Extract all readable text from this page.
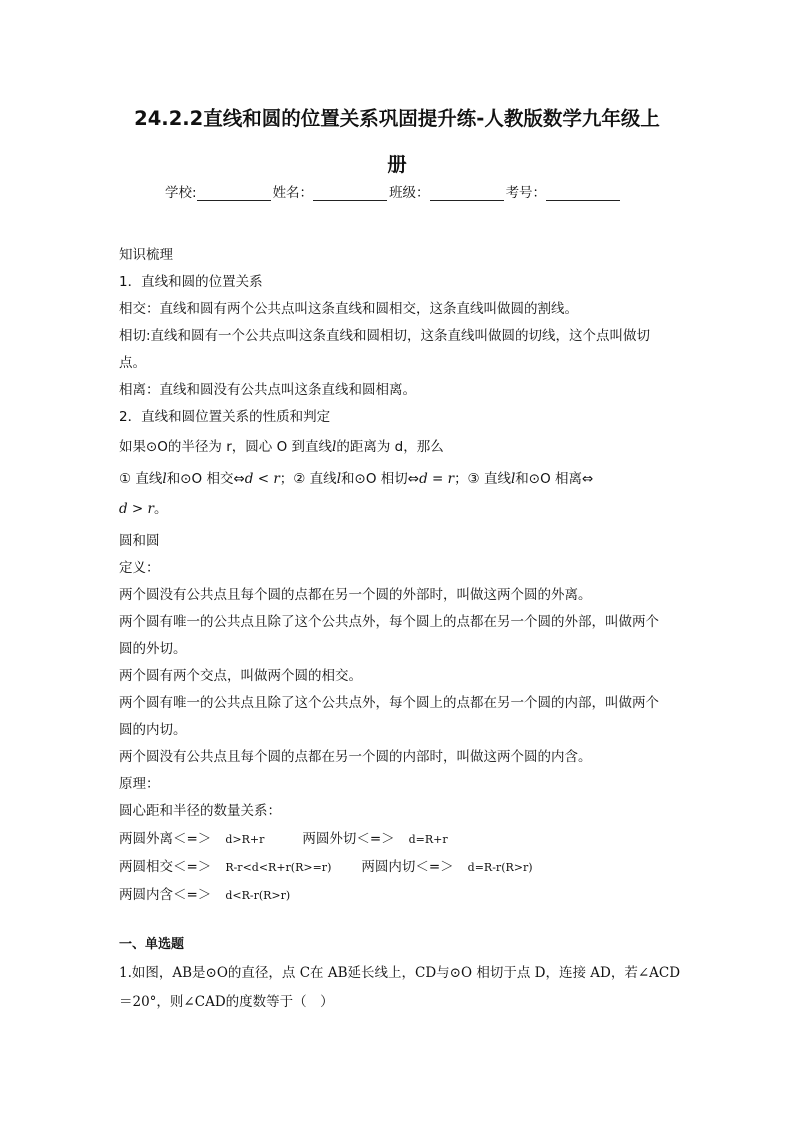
24.2.2直线和圆的位置关系巩固提升练-人教版数学九年级上
册
学校:	姓名：	班级：	考号：
知识梳理
1．直线和圆的位置关系
相交：直线和圆有两个公共点叫这条直线和圆相交，这条直线叫做圆的割线。
相切:直线和圆有一个公共点叫这条直线和圆相切，这条直线叫做圆的切线，这个点叫做切
点。
相离：直线和圆没有公共点叫这条直线和圆相离。
2．直线和圆位置关系的性质和判定
如果⊙O的半径为 r，圆心 O 到直线l的距离为 d，那么
① 直线l和⊙O 相交⇔d < r；② 直线l和⊙O 相切⇔d = r；③ 直线l和⊙O 相离⇔
d > r。
圆和圆
定义：
两个圆没有公共点且每个圆的点都在另一个圆的外部时，叫做这两个圆的外离。
两个圆有唯一的公共点且除了这个公共点外，每个圆上的点都在另一个圆的外部，叫做两个
圆的外切。
两个圆有两个交点，叫做两个圆的相交。
两个圆有唯一的公共点且除了这个公共点外，每个圆上的点都在另一个圆的内部，叫做两个
圆的内切。
两个圆没有公共点且每个圆的点都在另一个圆的内部时，叫做这两个圆的内含。
原理：
圆心距和半径的数量关系：
两圆外离＜=＞ d>R+r	两圆外切＜=＞ d=R+r
两圆相交＜=＞ R-r<d<R+r(R>=r) 两圆内切＜=＞ d=R-r(R>r)
两圆内含＜=＞ d<R-r(R>r)
一、单选题
1.如图，AB是⊙O的直径，点 C在 AB延长线上，CD与⊙O 相切于点 D，连接 AD，若∠ACD
＝20°，则∠CAD的度数等于（　）
